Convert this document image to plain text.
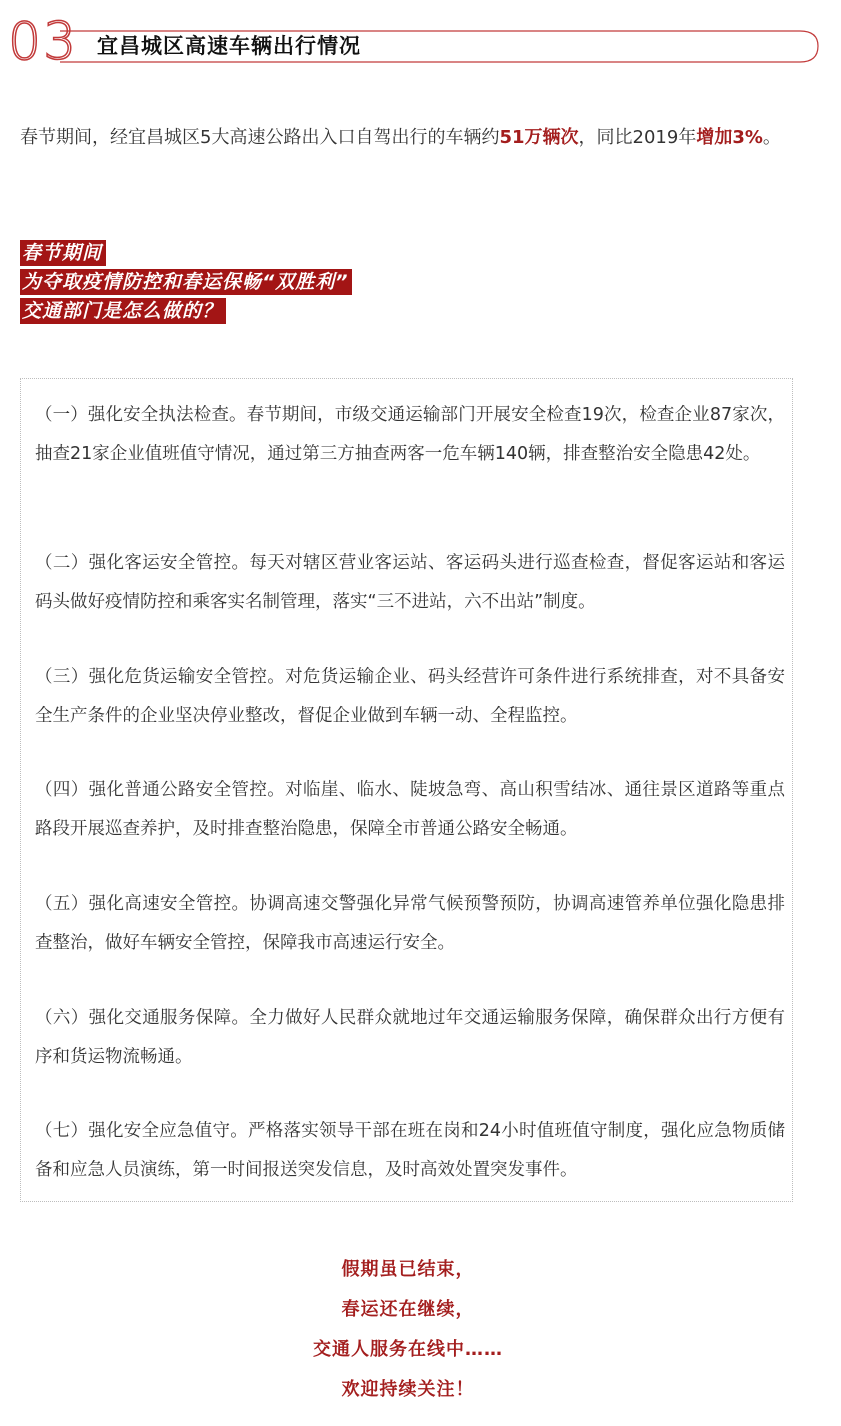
03 宜昌城区高速车辆出行情况
春节期间，经宜昌城区5大高速公路出入口自驾出行的车辆约51万辆次，同比2019年增加3%。
春节期间
为夺取疫情防控和春运保畅“双胜利”
交通部门是怎么做的？
（一）强化安全执法检查。春节期间，市级交通运输部门开展安全检查19次，检查企业87家次，抽查21家企业值班值守情况，通过第三方抽查两客一危车辆140辆，排查整治安全隐患42处。
（二）强化客运安全管控。每天对辖区营业客运站、客运码头进行巡查检查，督促客运站和客运码头做好疫情防控和乘客实名制管理，落实“三不进站，六不出站”制度。
（三）强化危货运输安全管控。对危货运输企业、码头经营许可条件进行系统排查，对不具备安全生产条件的企业坚决停业整改，督促企业做到车辆一动、全程监控。
（四）强化普通公路安全管控。对临崖、临水、陡坡急弯、高山积雪结冰、通往景区道路等重点路段开展巡查养护，及时排查整治隐患，保障全市普通公路安全畅通。
（五）强化高速安全管控。协调高速交警强化异常气候预警预防，协调高速管养单位强化隐患排查整治，做好车辆安全管控，保障我市高速运行安全。
（六）强化交通服务保障。全力做好人民群众就地过年交通运输服务保障，确保群众出行方便有序和货运物流畅通。
（七）强化安全应急值守。严格落实领导干部在班在岗和24小时值班值守制度，强化应急物质储备和应急人员演练，第一时间报送突发信息，及时高效处置突发事件。
假期虽已结束，
春运还在继续，
交通人服务在线中……
欢迎持续关注！
